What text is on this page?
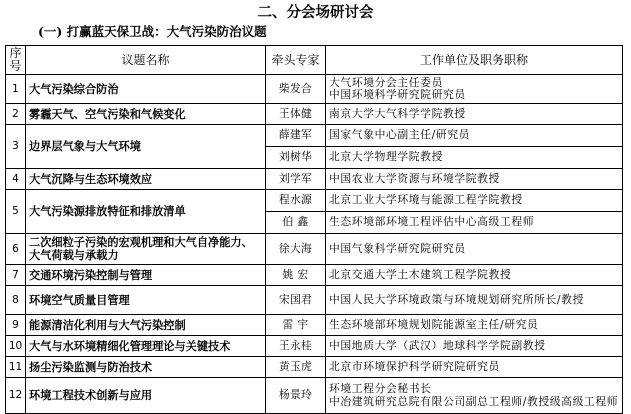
二、分会场研讨会
(一) 打赢蓝天保卫战：大气污染防治议题
序
号	议题名称	牵头专家	工作单位及职务职称
1	大气污染综合防治	柴发合	大气环境分会主任委员
中国环境科学研究院研究员

2	雾霾天气、空气污染和气候变化	王体健	南京大学大气科学学院教授
3	边界层气象与大气环境	薛建军	国家气象中心副主任/研究员
		刘树华	北京大学物理学院教授
4	大气沉降与生态环境效应	刘学军	中国农业大学资源与环境学院教授
5	大气污染源排放特征和排放清单	程水源	北京工业大学环境与能源工程学院教授
		伯 鑫	生态环境部环境工程评估中心高级工程师
6	二次细粒子污染的宏观机理和大气自净能力、大气荷载与承载力	徐大海	中国气象科学研究院研究员
7	交通环境污染控制与管理	姚 宏	北京交通大学土木建筑工程学院教授
8	环境空气质量目管理	宋国君	中国人民大学环境政策与环境规划研究所所长/教授
9	能源清洁化利用与大气污染控制	雷 宇	生态环境部环境规划院能源室主任/研究员
10	大气与水环境精细化管理理论与关键技术	王永桂	中国地质大学（武汉）地球科学学院副教授
11	扬尘污染监测与防治技术	黄玉虎	北京市环境保护科学研究院研究员
12	环境工程技术创新与应用	杨景玲	环境工程分会秘书长
中冶建筑研究总院有限公司副总工程师/教授级高级工程师
